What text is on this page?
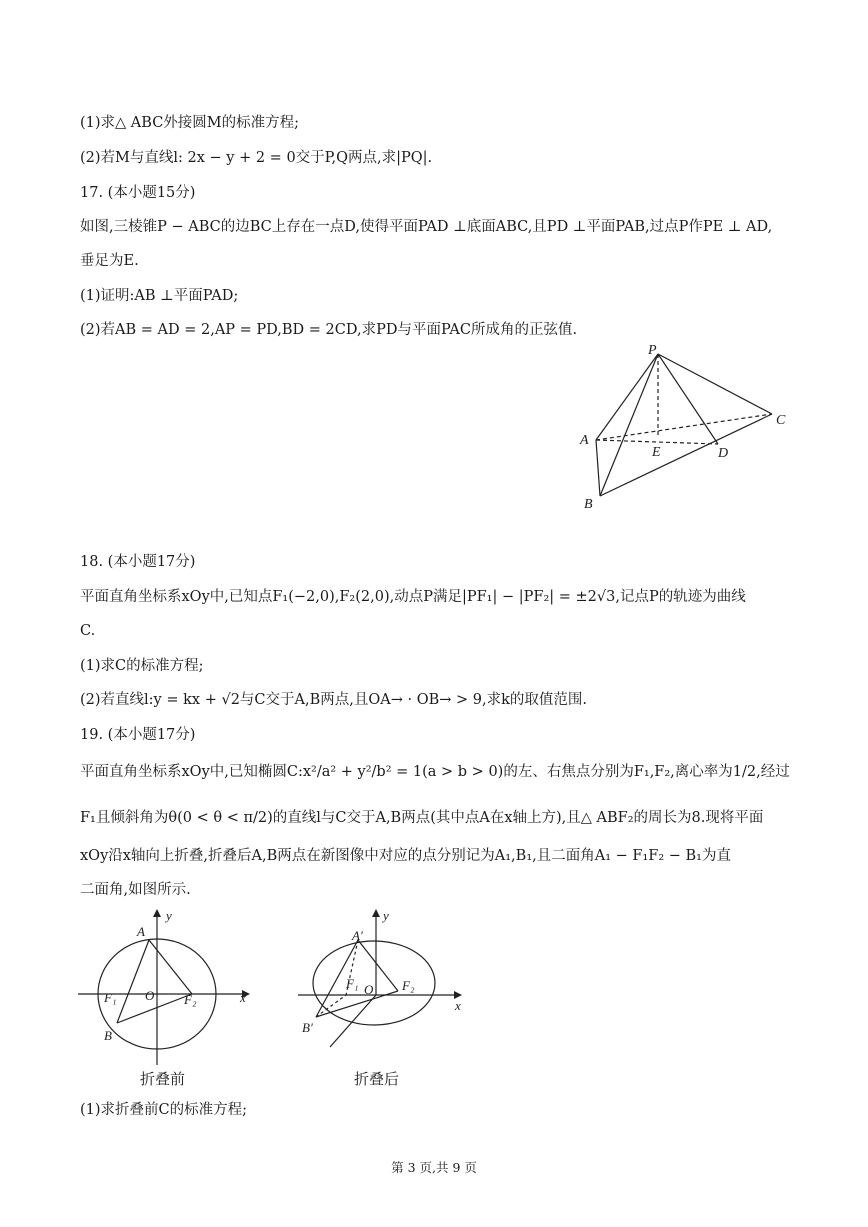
(1)求△ ABC外接圆M的标准方程;
(2)若M与直线l: 2x − y + 2 = 0交于P,Q两点,求|PQ|.
17. (本小题15分)
如图,三棱锥P − ABC的边BC上存在一点D,使得平面PAD ⊥底面ABC,且PD ⊥平面PAB,过点P作PE ⊥ AD,
垂足为E.
(1)证明:AB ⊥平面PAD;
(2)若AB = AD = 2,AP = PD,BD = 2CD,求PD与平面PAC所成角的正弦值.
P
A
B
C
D
E
18. (本小题17分)
平面直角坐标系xOy中,已知点F₁(−2,0),F₂(2,0),动点P满足|PF₁| − |PF₂| = ±2√3,记点P的轨迹为曲线
C.
(1)求C的标准方程;
(2)若直线l:y = kx + √2与C交于A,B两点,且OA→ · OB→ > 9,求k的取值范围.
19. (本小题17分)
平面直角坐标系xOy中,已知椭圆C:x²/a² + y²/b² = 1(a > b > 0)的左、右焦点分别为F₁,F₂,离心率为1/2,经过
F₁且倾斜角为θ(0 < θ < π/2)的直线l与C交于A,B两点(其中点A在x轴上方),且△ ABF₂的周长为8.现将平面
xOy沿x轴向上折叠,折叠后A,B两点在新图像中对应的点分别记为A₁,B₁,且二面角A₁ − F₁F₂ − B₁为直
二面角,如图所示.
A
B
O
F₁	F₂	x
y
折叠前
A′
B′
O
F₁	F₂
x
y
折叠后
(1)求折叠前C的标准方程;
第 3 页,共 9 页
